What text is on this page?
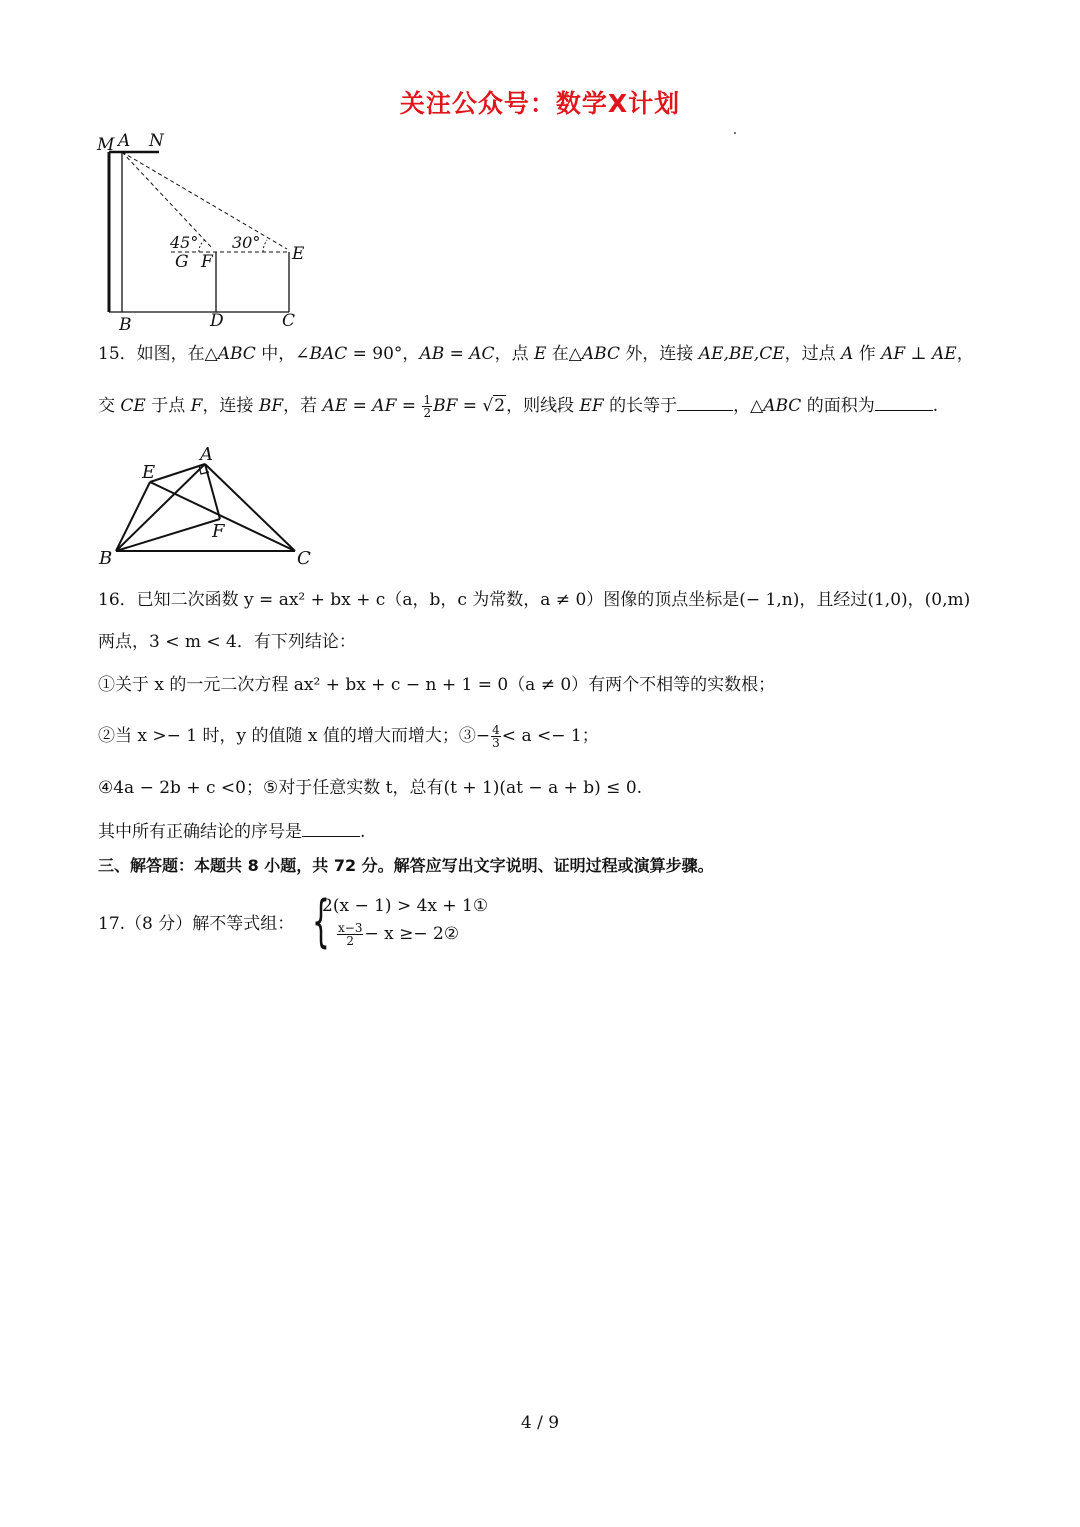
关注公众号：数学X计划
M A N
45° 30°
G F	E
B	D	C
15．如图，在△ABC 中，∠BAC = 90°，AB = AC，点 E 在△ABC 外，连接 AE,BE,CE，过点 A 作 AF ⊥ AE，
交 CE 于点 F，连接 BF，若 AE = AF = $\frac{1}{2}$ BF = √2，则线段 EF 的长等于	，△ABC 的面积为	.
E
A
F
B	C
16．已知二次函数 y = ax² + bx + c（a，b，c 为常数，a ≠ 0）图像的顶点坐标是(− 1,n)，且经过(1,0)，(0,m)
两点，3 < m < 4．有下列结论：
①关于 x 的一元二次方程 ax² + bx + c − n + 1 = 0（a ≠ 0）有两个不相等的实数根；
②当 x >− 1 时，y 的值随 x 值的增大而增大；③− $\frac{4}{3} < a <- 1$；
④4a − 2b + c <0；⑤对于任意实数 t，总有(t + 1)(at − a + b) ≤ 0.
其中所有正确结论的序号是	.
三、解答题：本题共 8 小题，共 72 分。解答应写出文字说明、证明过程或演算步骤。
17.（8 分）解不等式组： {
2(x − 1) > 4x + 1①
$\frac{x-3}{2} - x$ ≥− 2②
4 / 9
